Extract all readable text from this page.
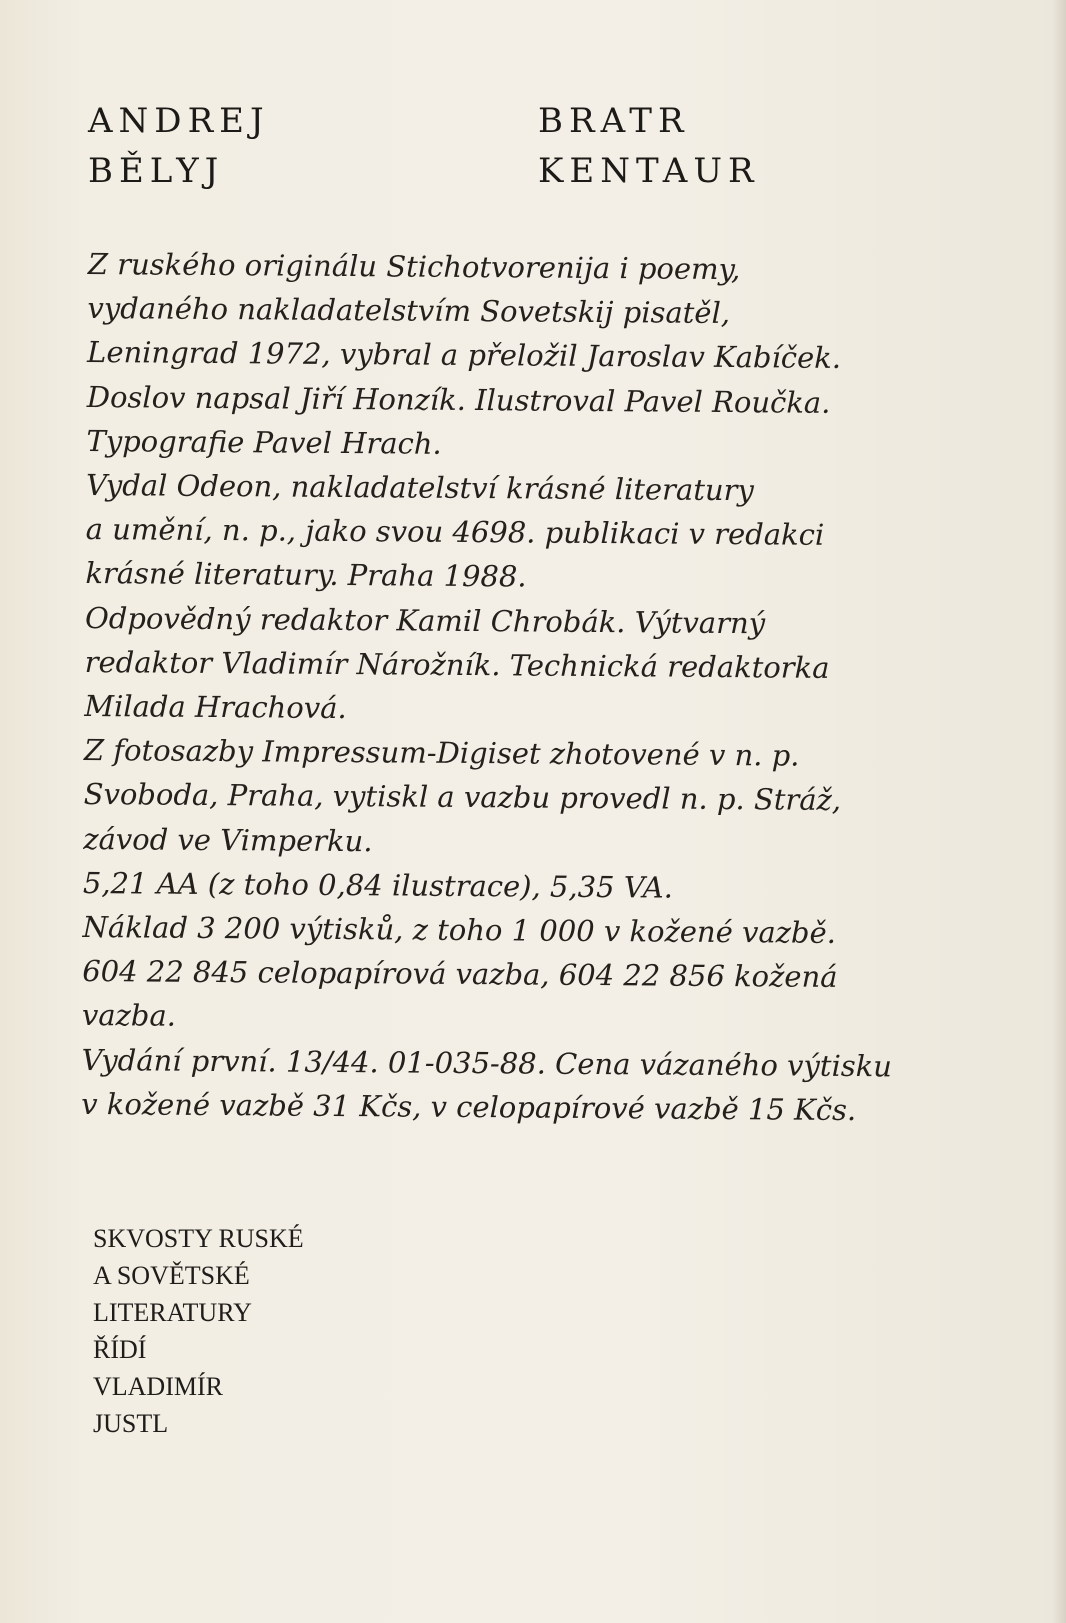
ANDREJ
BĚLYJ
BRATR
KENTAUR
Z ruského originálu Stichotvorenija i poemy,
vydaného nakladatelstvím Sovetskij pisatěl,
Leningrad 1972, vybral a přeložil Jaroslav Kabíček.
Doslov napsal Jiří Honzík. Ilustroval Pavel Roučka.
Typografie Pavel Hrach.
Vydal Odeon, nakladatelství krásné literatury
a umění, n. p., jako svou 4698. publikaci v redakci
krásné literatury. Praha 1988.
Odpovědný redaktor Kamil Chrobák. Výtvarný
redaktor Vladimír Nárožník. Technická redaktorka
Milada Hrachová.
Z fotosazby Impressum-Digiset zhotovené v n. p.
Svoboda, Praha, vytiskl a vazbu provedl n. p. Stráž,
závod ve Vimperku.
5,21 AA (z toho 0,84 ilustrace), 5,35 VA.
Náklad 3 200 výtisků, z toho 1 000 v kožené vazbě.
604 22 845 celopapírová vazba, 604 22 856 kožená
vazba.
Vydání první. 13/44. 01-035-88. Cena vázaného výtisku
v kožené vazbě 31 Kčs, v celopapírové vazbě 15 Kčs.
SKVOSTY RUSKÉ
A SOVĚTSKÉ
LITERATURY
ŘÍDÍ
VLADIMÍR
JUSTL
